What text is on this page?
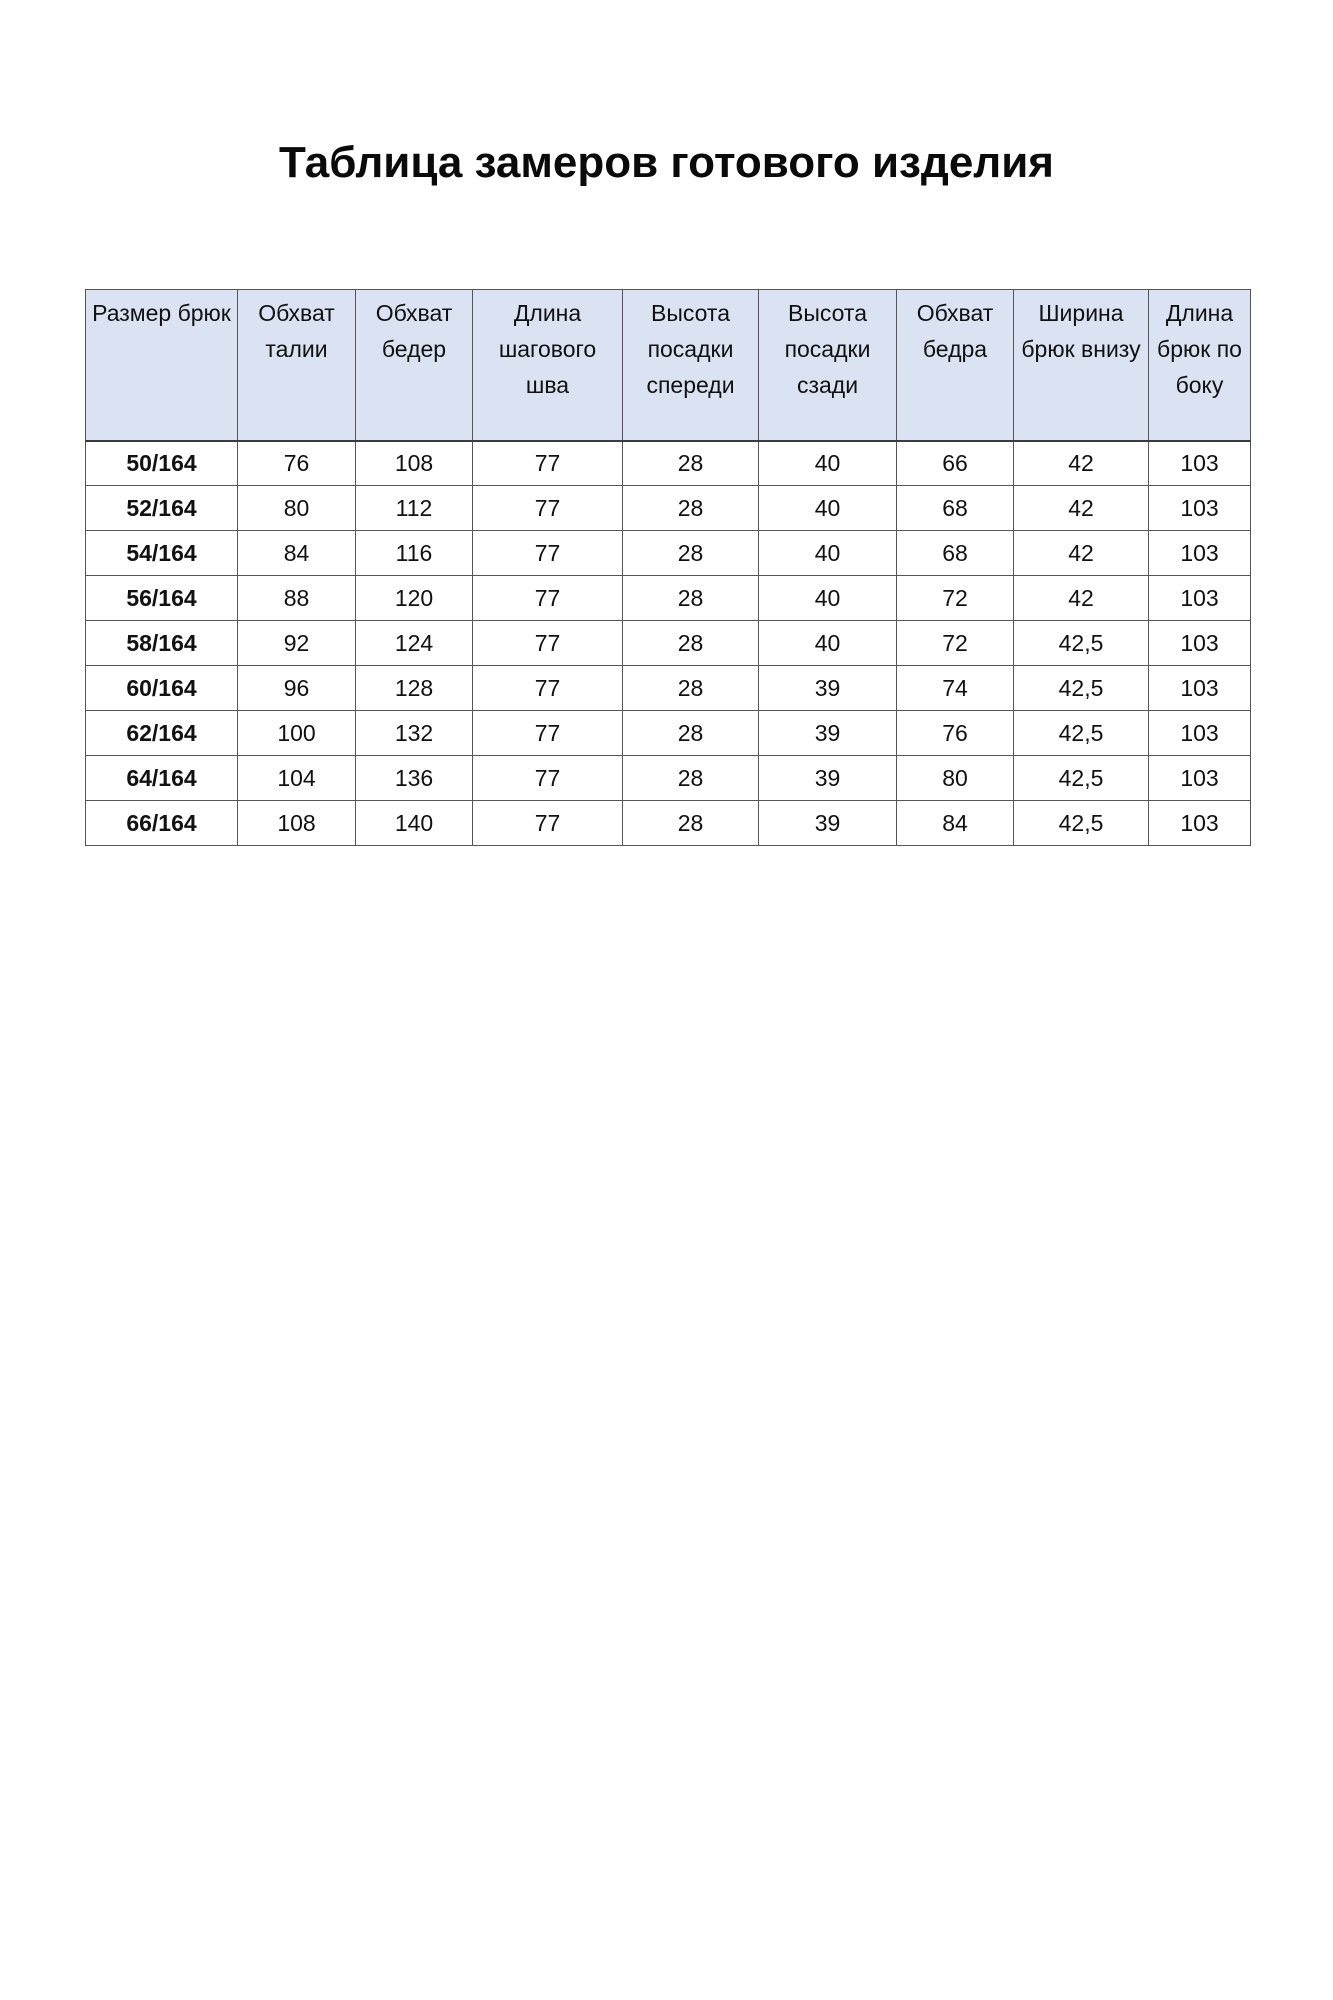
Таблица замеров готового изделия
Размер брюк	Обхват талии	Обхват бедер	Длина шагового шва	Высота посадки спереди	Высота посадки сзади	Обхват бедра	Ширина брюк внизу	Длина брюк по боку
50/164	76	108	77	28	40	66	42	103
52/164	80	112	77	28	40	68	42	103
54/164	84	116	77	28	40	68	42	103
56/164	88	120	77	28	40	72	42	103
58/164	92	124	77	28	40	72	42,5	103
60/164	96	128	77	28	39	74	42,5	103
62/164	100	132	77	28	39	76	42,5	103
64/164	104	136	77	28	39	80	42,5	103
66/164	108	140	77	28	39	84	42,5	103
